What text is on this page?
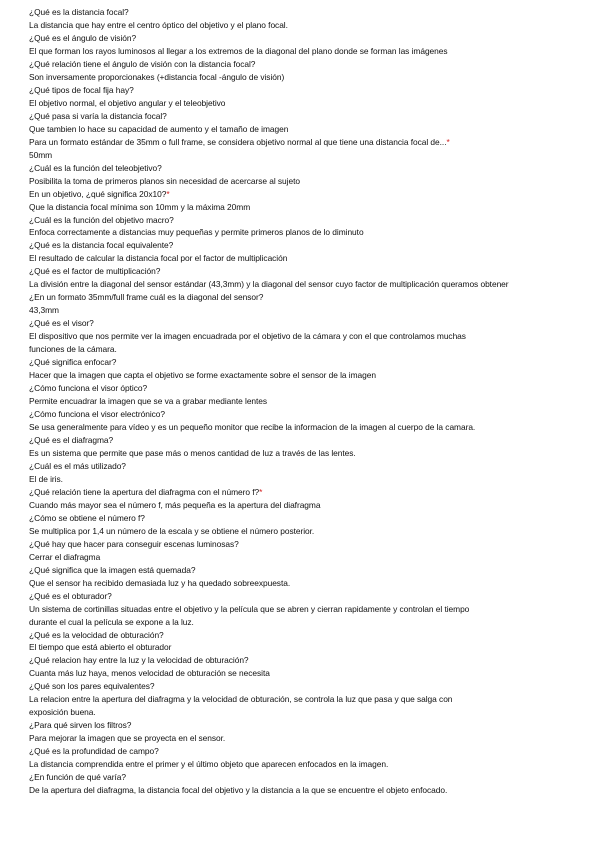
¿Qué es la distancia focal?
La distancia que hay entre el centro óptico del objetivo y el plano focal.
¿Qué es el ángulo de visión?
El que forman los rayos luminosos al llegar a los extremos de la diagonal del plano donde se forman las imágenes
¿Qué relación tiene el ángulo de visión con la distancia focal?
Son inversamente proporcionakes (+distancia focal -ángulo de visión)
¿Qué tipos de focal fija hay?
El objetivo normal, el objetivo angular y el teleobjetivo
¿Qué pasa si varía la distancia focal?
Que tambien lo hace su capacidad de aumento y el tamaño de imagen
Para un formato estándar de 35mm o full frame, se considera objetivo normal al que tiene una distancia focal de...*
50mm
¿Cuál es la función del teleobjetivo?
Posibilita la toma de primeros planos sin necesidad de acercarse al sujeto
En un objetivo, ¿qué significa 20x10?*
Que la distancia focal mínima son 10mm y la máxima 20mm
¿Cuál es la función del objetivo macro?
Enfoca correctamente a distancias muy pequeñas y permite primeros planos de lo diminuto
¿Qué es la distancia focal equivalente?
El resultado de calcular la distancia focal por el factor de multiplicación
¿Qué es el factor de multiplicación?
La división entre la diagonal del sensor estándar (43,3mm) y la diagonal del sensor cuyo factor de multiplicación queramos obtener
¿En un formato 35mm/full frame cuál es la diagonal del sensor?
43,3mm
¿Qué es el visor?
El dispositivo que nos permite ver la imagen encuadrada por el objetivo de la cámara y con el que controlamos muchas
funciones de la cámara.
¿Qué significa enfocar?
Hacer que la imagen que capta el objetivo se forme exactamente sobre el sensor de la imagen
¿Cómo funciona el visor óptico?
Permite encuadrar la imagen que se va a grabar mediante lentes
¿Cómo funciona el visor electrónico?
Se usa generalmente para vídeo y es un pequeño monitor que recibe la informacion de la imagen al cuerpo de la camara.
¿Qué es el diafragma?
Es un sistema que permite que pase más o menos cantidad de luz a través de las lentes.
¿Cuál es el más utilizado?
El de iris.
¿Qué relación tiene la apertura del diafragma con el número f?*
Cuando más mayor sea el número f, más pequeña es la apertura del diafragma
¿Cómo se obtiene el número f?
Se multiplica por 1,4 un número de la escala y se obtiene el número posterior.
¿Qué hay que hacer para conseguir escenas luminosas?
Cerrar el diafragma
¿Qué significa que la imagen está quemada?
Que el sensor ha recibido demasiada luz y ha quedado sobreexpuesta.
¿Qué es el obturador?
Un sistema de cortinillas situadas entre el objetivo y la película que se abren y cierran rapidamente y controlan el tiempo
durante el cual la película se expone a la luz.
¿Qué es la velocidad de obturación?
El tiempo que está abierto el obturador
¿Qué relacion hay entre la luz y la velocidad de obturación?
Cuanta más luz haya, menos velocidad de obturación se necesita
¿Qué son los pares equivalentes?
La relacion entre la apertura del diafragma y la velocidad de obturación, se controla la luz que pasa y que salga con
exposición buena.
¿Para qué sirven los filtros?
Para mejorar la imagen que se proyecta en el sensor.
¿Qué es la profundidad de campo?
La distancia comprendida entre el primer y el último objeto que aparecen enfocados en la imagen.
¿En función de qué varía?
De la apertura del diafragma, la distancia focal del objetivo y la distancia a la que se encuentre el objeto enfocado.
